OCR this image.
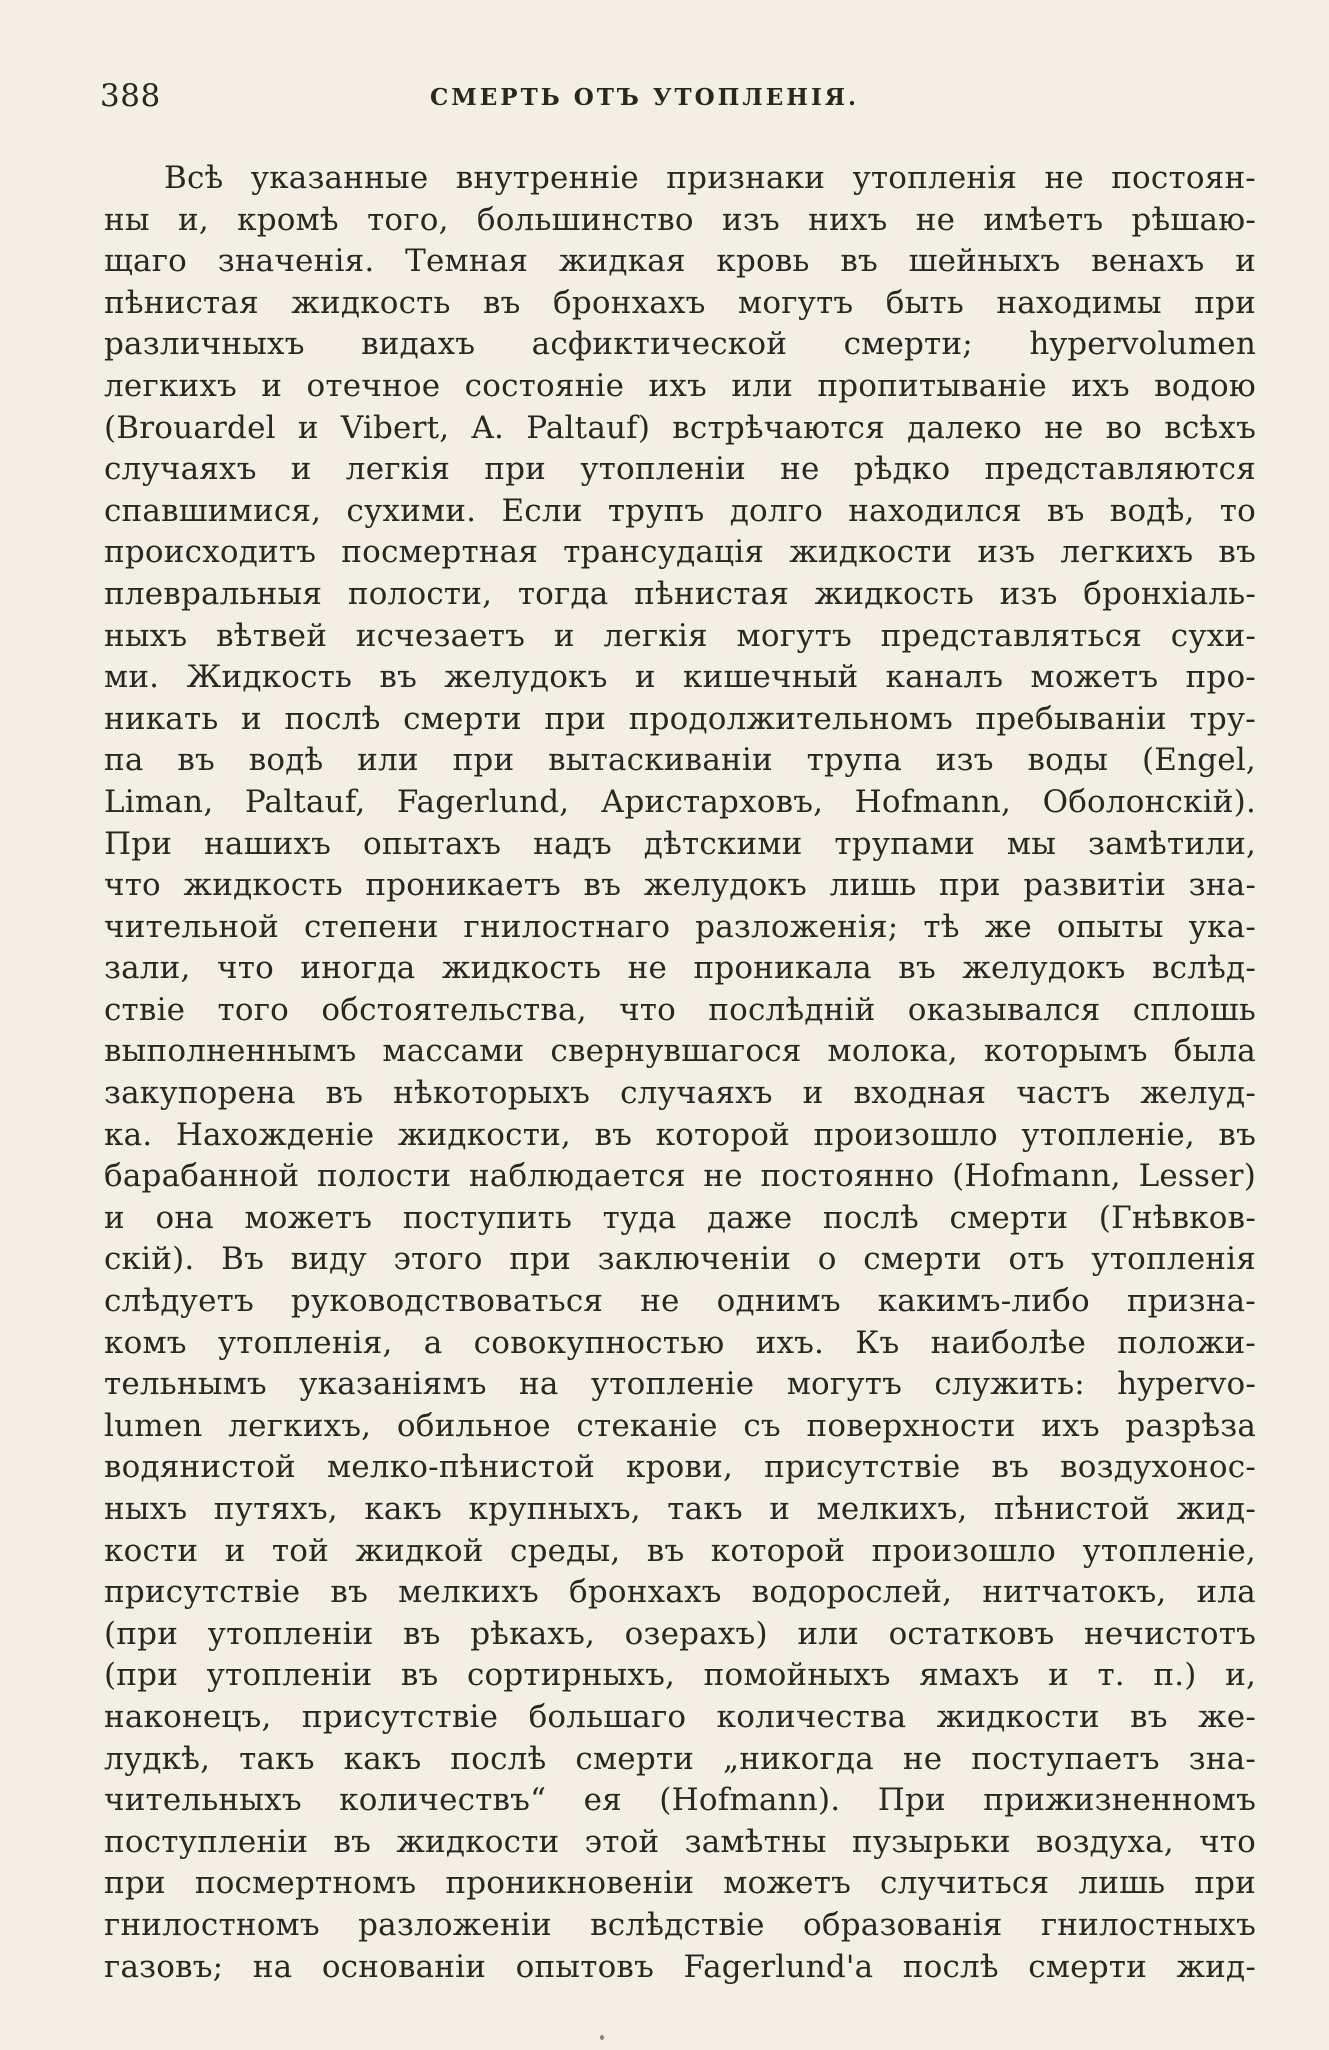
388	СМЕРТЬ ОТЪ УТОПЛЕНІЯ.
Всѣ указанные внутренніе признаки утопленія не постоян-
ны и, кромѣ того, большинство изъ нихъ не имѣетъ рѣшаю-
щаго значенія. Темная жидкая кровь въ шейныхъ венахъ и
пѣнистая жидкость въ бронхахъ могутъ быть находимы при
различныхъ видахъ асфиктической смерти; hypervolumen
легкихъ и отечное состояніе ихъ или пропитываніе ихъ водою
(Brouardel и Vibert, A. Paltauf) встрѣчаются далеко не во всѣхъ
случаяхъ и легкія при утопленіи не рѣдко представляются
спавшимися, сухими. Если трупъ долго находился въ водѣ, то
происходитъ посмертная трансудація жидкости изъ легкихъ въ
плевральныя полости, тогда пѣнистая жидкость изъ бронхіаль-
ныхъ вѣтвей исчезаетъ и легкія могутъ представляться сухи-
ми. Жидкость въ желудокъ и кишечный каналъ можетъ про-
никать и послѣ смерти при продолжительномъ пребываніи тру-
па въ водѣ или при вытаскиваніи трупа изъ воды (Engel,
Liman, Paltauf, Fagerlund, Аристарховъ, Hofmann, Оболонскій).
При нашихъ опытахъ надъ дѣтскими трупами мы замѣтили,
что жидкость проникаетъ въ желудокъ лишь при развитіи зна-
чительной степени гнилостнаго разложенія; тѣ же опыты ука-
зали, что иногда жидкость не проникала въ желудокъ вслѣд-
ствіе того обстоятельства, что послѣдній оказывался сплошь
выполненнымъ массами свернувшагося молока, которымъ была
закупорена въ нѣкоторыхъ случаяхъ и входная частъ желуд-
ка. Нахожденіе жидкости, въ которой произошло утопленіе, въ
барабанной полости наблюдается не постоянно (Hofmann, Lesser)
и она можетъ поступить туда даже послѣ смерти (Гнѣвков-
скій). Въ виду этого при заключеніи о смерти отъ утопленія
слѣдуетъ руководствоваться не однимъ какимъ-либо призна-
комъ утопленія, а совокупностью ихъ. Къ наиболѣе положи-
тельнымъ указаніямъ на утопленіе могутъ служить: hypervo-
lumen легкихъ, обильное стеканіе съ поверхности ихъ разрѣза
водянистой мелко-пѣнистой крови, присутствіе въ воздухонос-
ныхъ путяхъ, какъ крупныхъ, такъ и мелкихъ, пѣнистой жид-
кости и той жидкой среды, въ которой произошло утопленіе,
присутствіе въ мелкихъ бронхахъ водорослей, нитчатокъ, ила
(при утопленіи въ рѣкахъ, озерахъ) или остатковъ нечистотъ
(при утопленіи въ сортирныхъ, помойныхъ ямахъ и т. п.) и,
наконецъ, присутствіе большаго количества жидкости въ же-
лудкѣ, такъ какъ послѣ смерти „никогда не поступаетъ зна-
чительныхъ количествъ“ ея (Hofmann). При прижизненномъ
поступленіи въ жидкости этой замѣтны пузырьки воздуха, что
при посмертномъ проникновеніи можетъ случиться лишь при
гнилостномъ разложеніи вслѣдствіе образованія гнилостныхъ
газовъ; на основаніи опытовъ Fagerlund'a послѣ смерти жид-
